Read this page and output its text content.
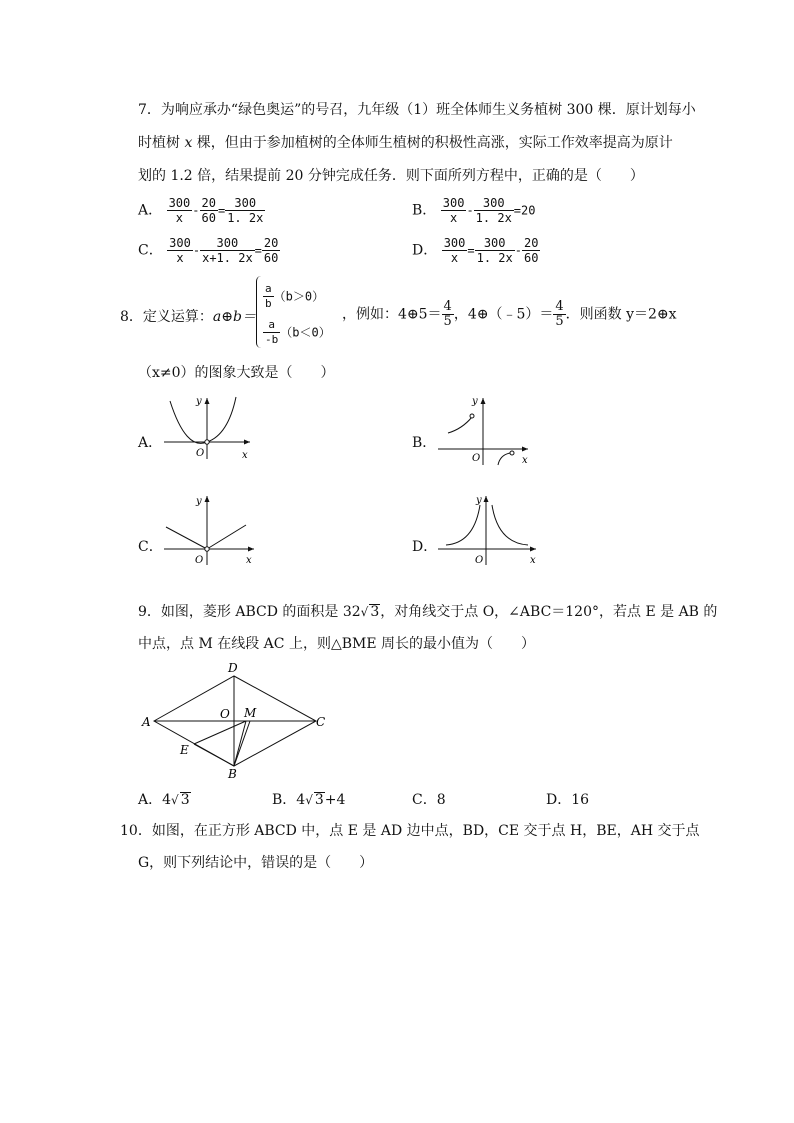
7．为响应承办“绿色奥运”的号召，九年级（1）班全体师生义务植树 300 棵．原计划每小
时植树 x 棵，但由于参加植树的全体师生植树的积极性高涨，实际工作效率提高为原计
划的 1.2 倍，结果提前 20 分钟完成任务．则下面所列方程中，正确的是（　　）
A． $\frac{300}{x} - \frac{20}{60} = \frac{300}{1. 2x}$	B． $\frac{300}{x} - \frac{300}{1. 2x} =20$
C． $\frac{300}{x} - \frac{300}{x+1. 2x} = \frac{20}{60}$	D． $\frac{300}{x} = \frac{300}{1. 2x} - \frac{20}{60}$
8．定义运算：a⊕b＝
$\frac{a}{b} (b>0)$
$\frac{a}{-b} (b<0)$
，例如：4⊕5＝ $\frac{4}{5}$ ，4⊕（﹣5）＝ $\frac{4}{5}$ ．则函数 y＝2⊕x
（x≠0）的图象大致是（　　）
A．
y
x
O
B．
y
x
O
C．
y
x
O
D．
y
x
O
9．如图，菱形 ABCD 的面积是 32√ 3，对角线交于点 O，∠ABC＝120°，若点 E 是 AB 的
中点，点 M 在线段 AC 上，则△BME 周长的最小值为（　　）
A
D
C
B
O M
E
A．4√ 3	B．4√ 3+4	C．8	D．16
10．如图，在正方形 ABCD 中，点 E 是 AD 边中点，BD，CE 交于点 H，BE，AH 交于点
G，则下列结论中，错误的是（　　）
